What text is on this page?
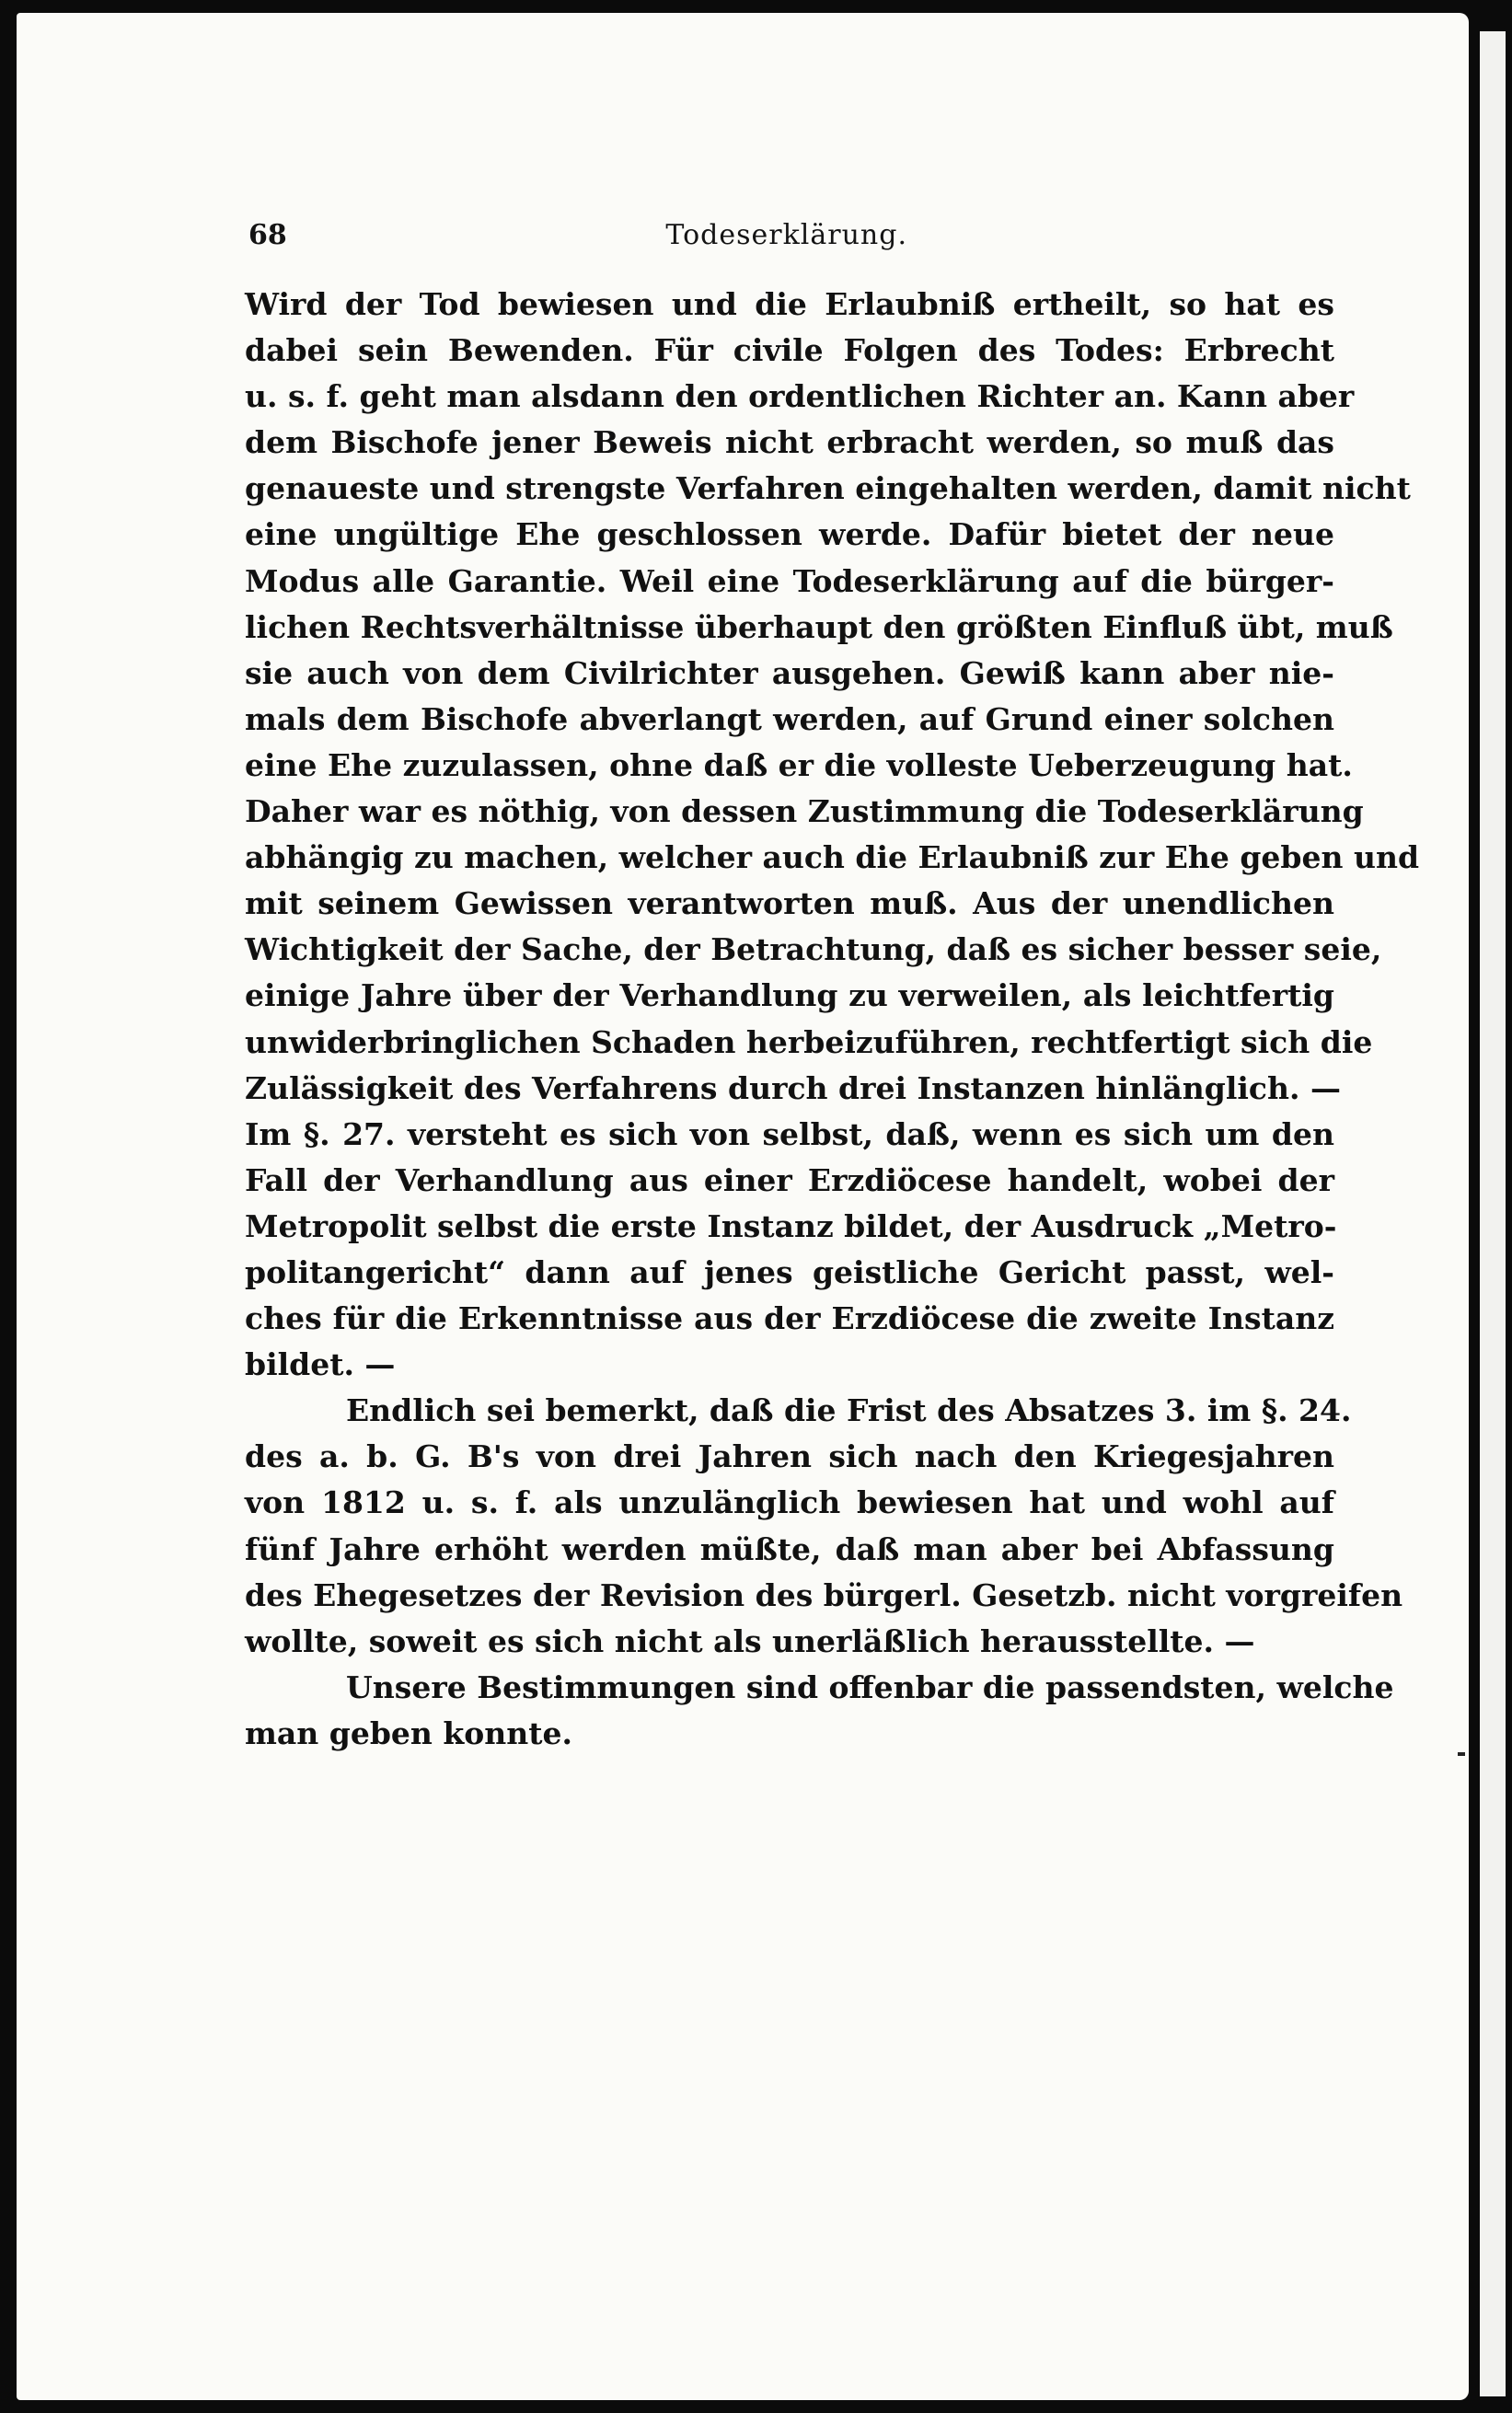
68	Todeserklärung.
Wird der Tod bewiesen und die Erlaubniß ertheilt, so hat es
dabei sein Bewenden. Für civile Folgen des Todes: Erbrecht
u. s. f. geht man alsdann den ordentlichen Richter an. Kann aber
dem Bischofe jener Beweis nicht erbracht werden, so muß das
genaueste und strengste Verfahren eingehalten werden, damit nicht
eine ungültige Ehe geschlossen werde. Dafür bietet der neue
Modus alle Garantie. Weil eine Todeserklärung auf die bürger-
lichen Rechtsverhältnisse überhaupt den größten Einfluß übt, muß
sie auch von dem Civilrichter ausgehen. Gewiß kann aber nie-
mals dem Bischofe abverlangt werden, auf Grund einer solchen
eine Ehe zuzulassen, ohne daß er die volleste Ueberzeugung hat.
Daher war es nöthig, von dessen Zustimmung die Todeserklärung
abhängig zu machen, welcher auch die Erlaubniß zur Ehe geben und
mit seinem Gewissen verantworten muß. Aus der unendlichen
Wichtigkeit der Sache, der Betrachtung, daß es sicher besser seie,
einige Jahre über der Verhandlung zu verweilen, als leichtfertig
unwiderbringlichen Schaden herbeizuführen, rechtfertigt sich die
Zulässigkeit des Verfahrens durch drei Instanzen hinlänglich. —
Im §. 27. versteht es sich von selbst, daß, wenn es sich um den
Fall der Verhandlung aus einer Erzdiöcese handelt, wobei der
Metropolit selbst die erste Instanz bildet, der Ausdruck „Metro-
politangericht“ dann auf jenes geistliche Gericht passt, wel-
ches für die Erkenntnisse aus der Erzdiöcese die zweite Instanz
bildet. —
Endlich sei bemerkt, daß die Frist des Absatzes 3. im §. 24.
des a. b. G. B's von drei Jahren sich nach den Kriegesjahren
von 1812 u. s. f. als unzulänglich bewiesen hat und wohl auf
fünf Jahre erhöht werden müßte, daß man aber bei Abfassung
des Ehegesetzes der Revision des bürgerl. Gesetzb. nicht vorgreifen
wollte, soweit es sich nicht als unerläßlich herausstellte. —
Unsere Bestimmungen sind offenbar die passendsten, welche
man geben konnte.
